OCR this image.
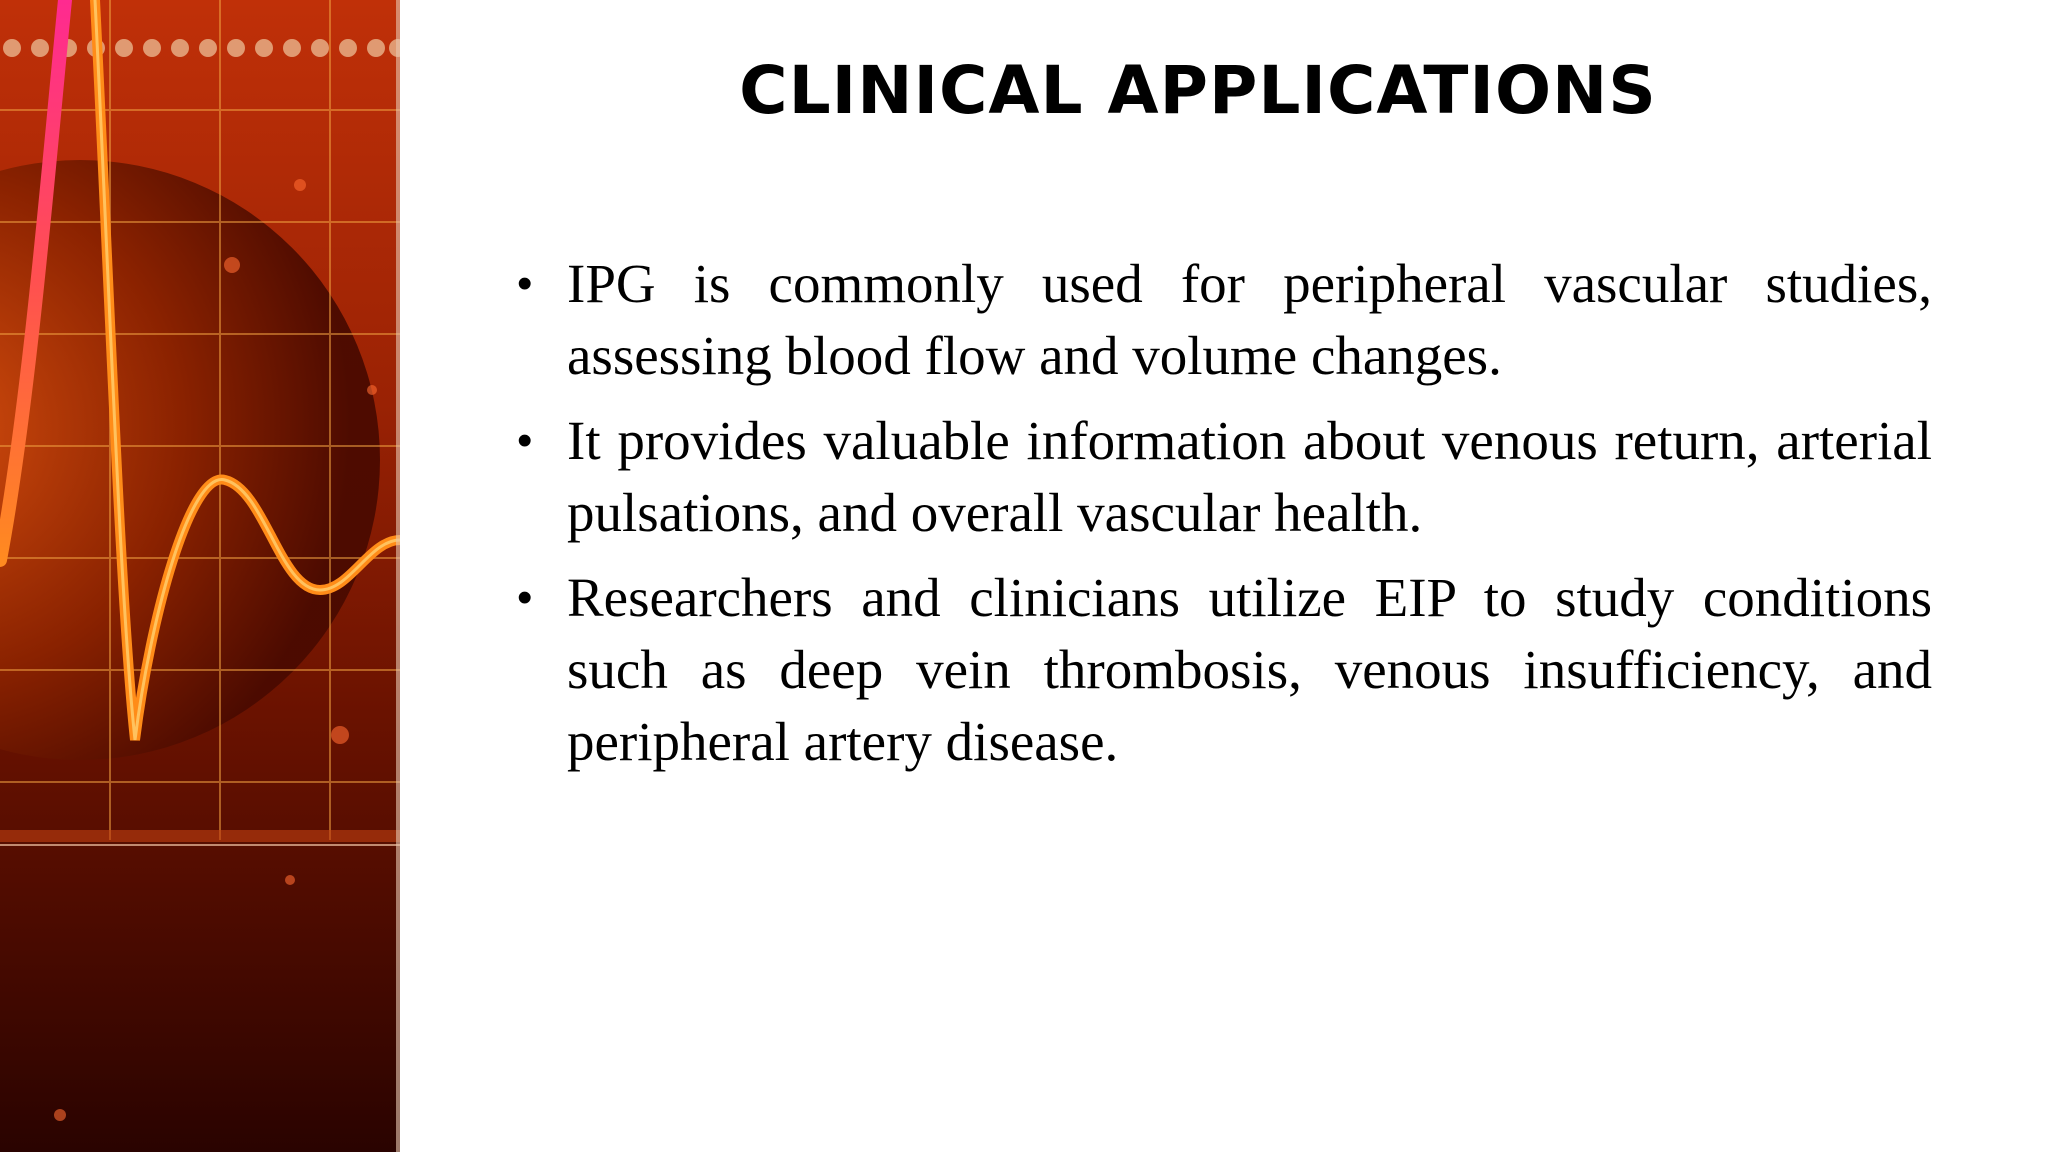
CLINICAL APPLICATIONS
• IPG is commonly used for peripheral vascular studies, assessing blood flow and volume changes.
• It provides valuable information about venous return, arterial pulsations, and overall vascular health.
• Researchers and clinicians utilize EIP to study conditions such as deep vein thrombosis, venous insufficiency, and peripheral artery disease.
